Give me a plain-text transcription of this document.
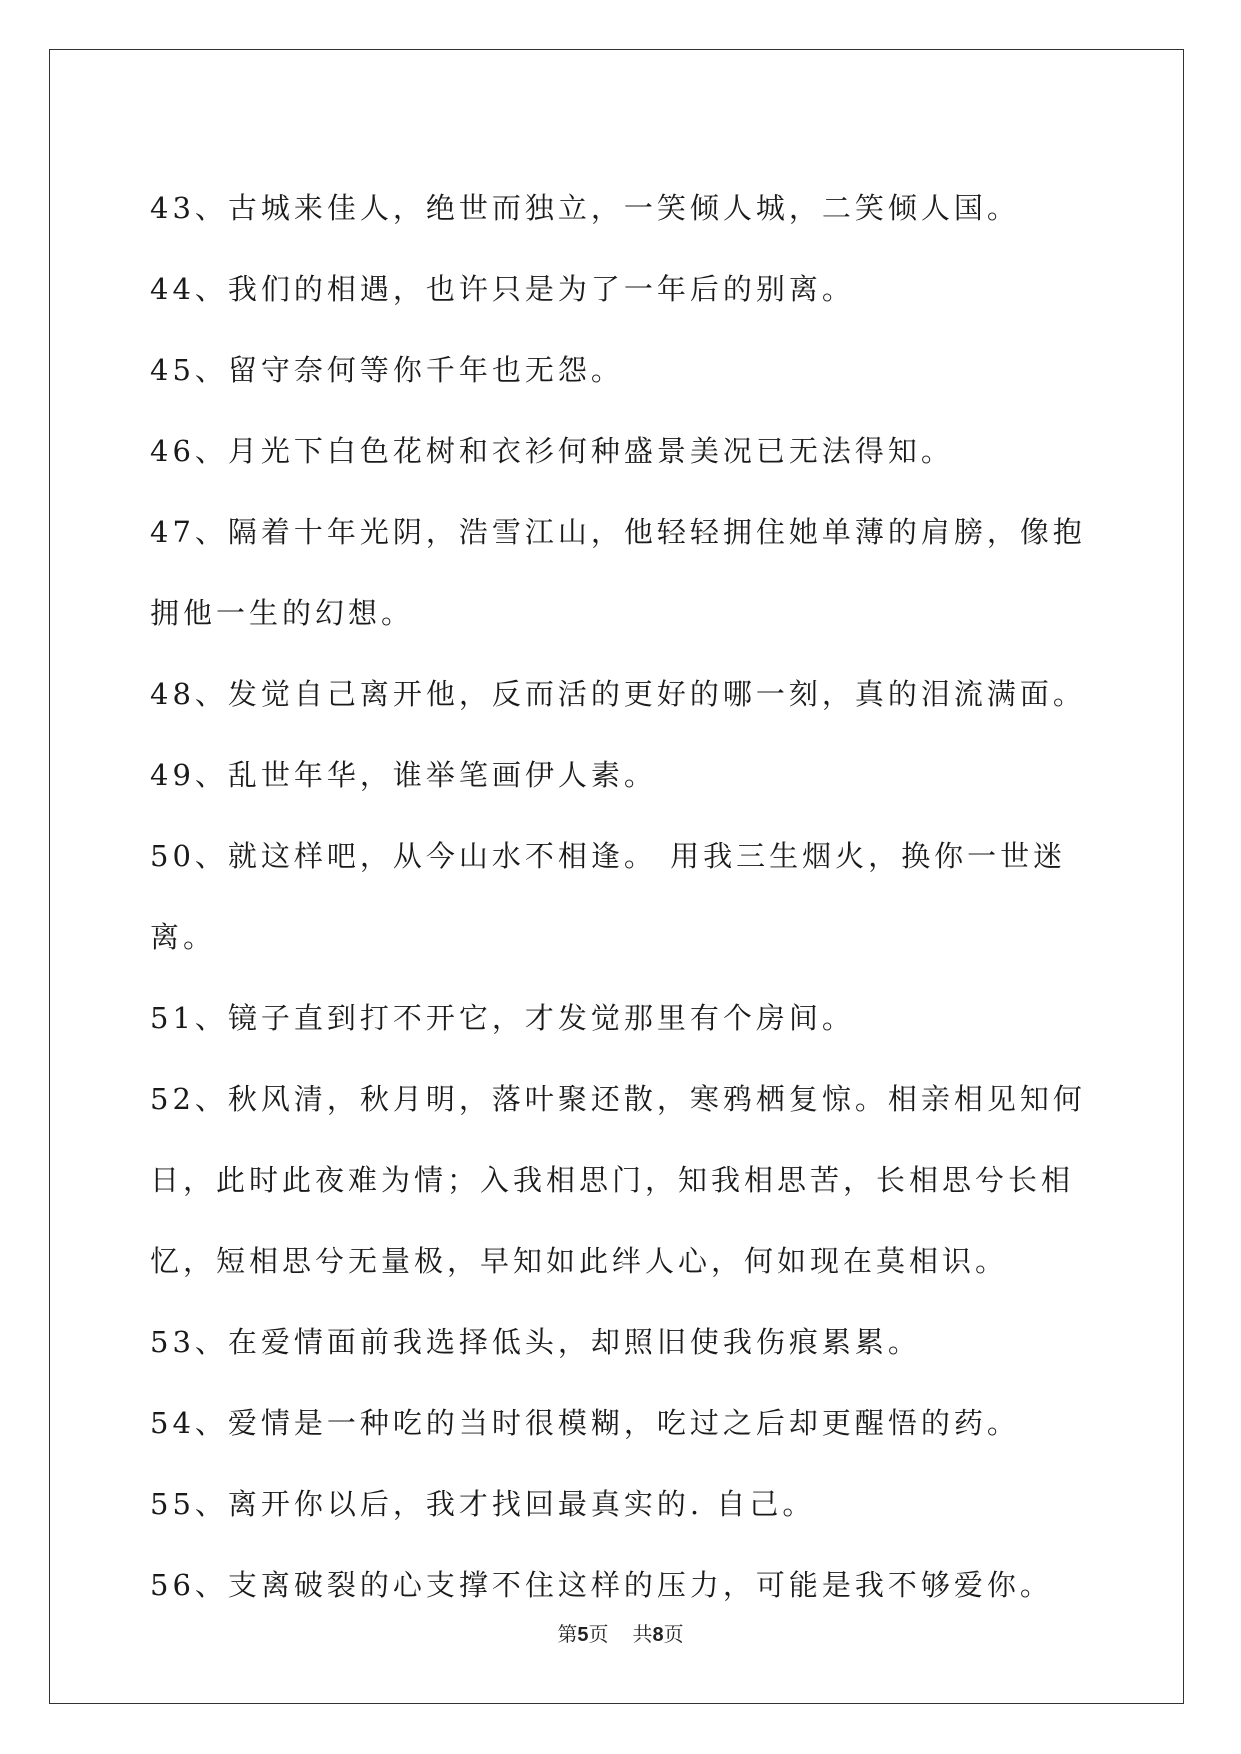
43、古城来佳人，绝世而独立，一笑倾人城，二笑倾人国。

44、我们的相遇，也许只是为了一年后的别离。

45、留守奈何等你千年也无怨。

46、月光下白色花树和衣衫何种盛景美况已无法得知。

47、隔着十年光阴，浩雪江山，他轻轻拥住她单薄的肩膀，像抱拥他一生的幻想。

48、发觉自己离开他，反而活的更好的哪一刻，真的泪流满面。

49、乱世年华，谁举笔画伊人素。

50、就这样吧，从今山水不相逢。 用我三生烟火，换你一世迷离。

51、镜子直到打不开它，才发觉那里有个房间。

52、秋风清，秋月明，落叶聚还散，寒鸦栖复惊。相亲相见知何日，此时此夜难为情；入我相思门，知我相思苦，长相思兮长相忆，短相思兮无量极，早知如此绊人心，何如现在莫相识。

53、在爱情面前我选择低头，却照旧使我伤痕累累。

54、爱情是一种吃的当时很模糊，吃过之后却更醒悟的药。

55、离开你以后，我才找回最真实的. 自己。

56、支离破裂的心支撑不住这样的压力，可能是我不够爱你。

第5页 共8页
